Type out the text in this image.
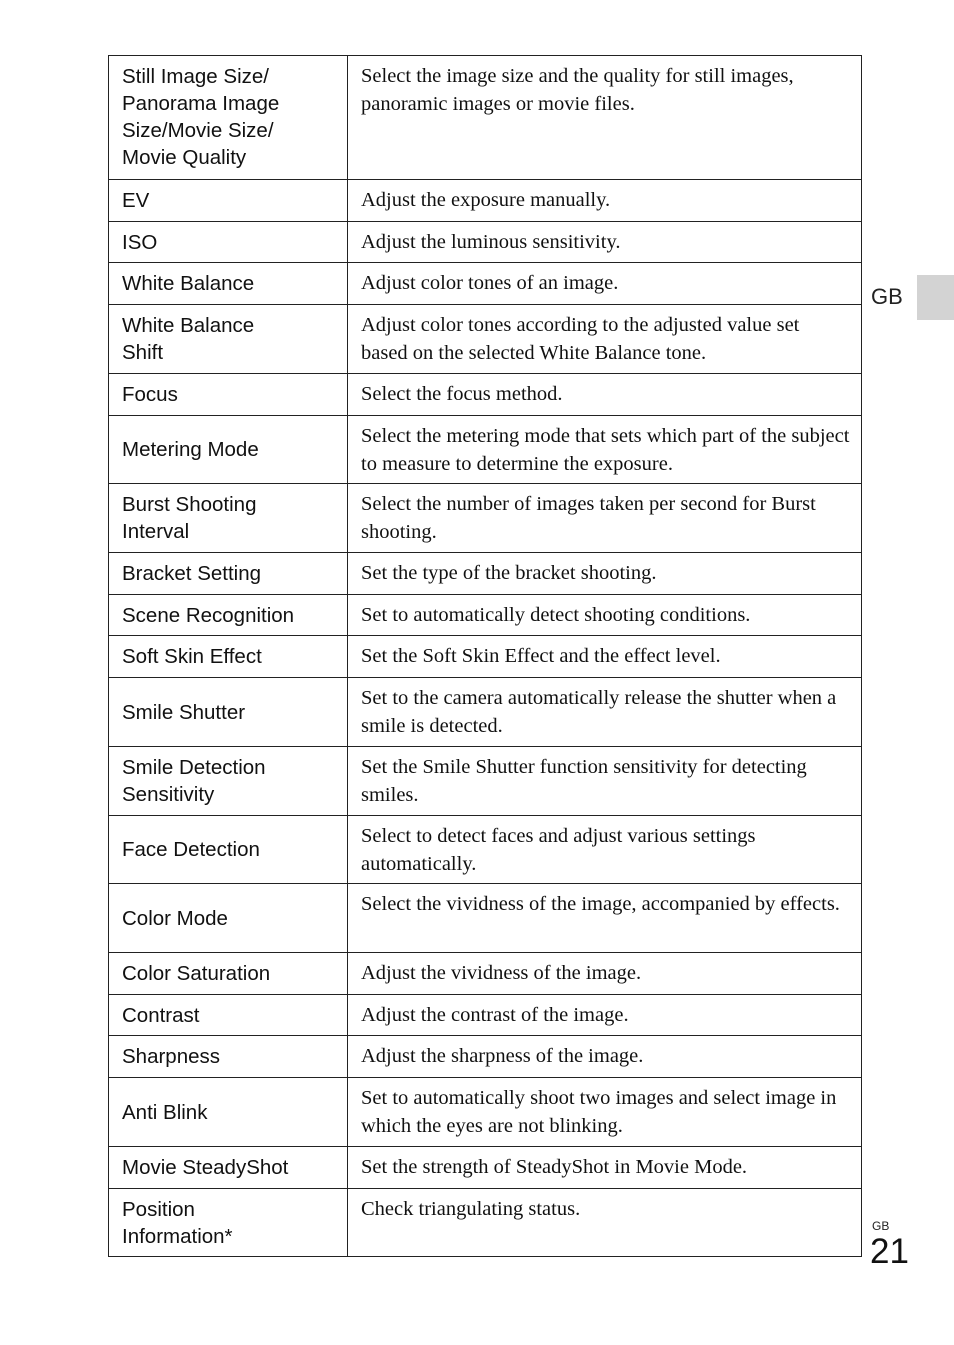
Still Image Size/
Panorama Image
Size/Movie Size/
Movie Quality	Select the image size and the quality for still images, panoramic images or movie files.
EV	Adjust the exposure manually.
ISO	Adjust the luminous sensitivity.
White Balance	Adjust color tones of an image.
White Balance
Shift	Adjust color tones according to the adjusted value set based on the selected White Balance tone.
Focus	Select the focus method.
Metering Mode	Select the metering mode that sets which part of the subject to measure to determine the exposure.
Burst Shooting
Interval	Select the number of images taken per second for Burst shooting.
Bracket Setting	Set the type of the bracket shooting.
Scene Recognition	Set to automatically detect shooting conditions.
Soft Skin Effect	Set the Soft Skin Effect and the effect level.
Smile Shutter	Set to the camera automatically release the shutter when a smile is detected.
Smile Detection
Sensitivity	Set the Smile Shutter function sensitivity for detecting smiles.
Face Detection	Select to detect faces and adjust various settings automatically.
Color Mode	Select the vividness of the image, accompanied by effects.
Color Saturation	Adjust the vividness of the image.
Contrast	Adjust the contrast of the image.
Sharpness	Adjust the sharpness of the image.
Anti Blink	Set to automatically shoot two images and select image in which the eyes are not blinking.
Movie SteadyShot	Set the strength of SteadyShot in Movie Mode.
Position
Information*	Check triangulating status.
GB
GB
21
